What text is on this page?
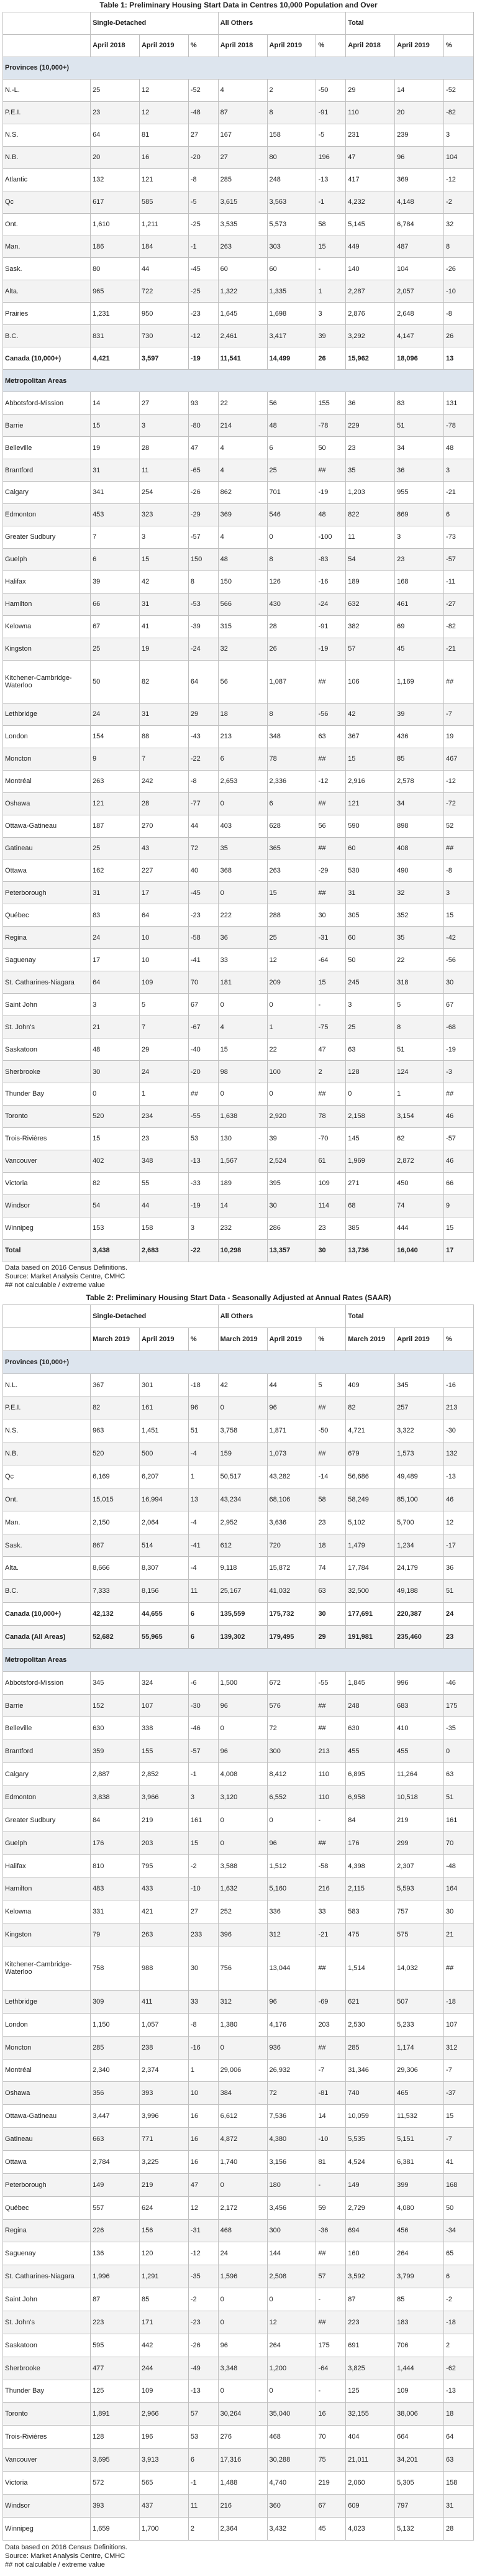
Table 1: Preliminary Housing Start Data in Centres 10,000 Population and Over
	Single-Detached			All Others			Total		
	April 2018	April 2019	%	April 2018	April 2019	%	April 2018	April 2019	%
Provinces (10,000+)									
N.-L.	25	12	-52	4	2	-50	29	14	-52
P.E.I.	23	12	-48	87	8	-91	110	20	-82
N.S.	64	81	27	167	158	-5	231	239	3
N.B.	20	16	-20	27	80	196	47	96	104
Atlantic	132	121	-8	285	248	-13	417	369	-12
Qc	617	585	-5	3,615	3,563	-1	4,232	4,148	-2
Ont.	1,610	1,211	-25	3,535	5,573	58	5,145	6,784	32
Man.	186	184	-1	263	303	15	449	487	8
Sask.	80	44	-45	60	60	-	140	104	-26
Alta.	965	722	-25	1,322	1,335	1	2,287	2,057	-10
Prairies	1,231	950	-23	1,645	1,698	3	2,876	2,648	-8
B.C.	831	730	-12	2,461	3,417	39	3,292	4,147	26
Canada (10,000+)	4,421	3,597	-19	11,541	14,499	26	15,962	18,096	13
Metropolitan Areas									
Abbotsford-Mission	14	27	93	22	56	155	36	83	131
Barrie	15	3	-80	214	48	-78	229	51	-78
Belleville	19	28	47	4	6	50	23	34	48
Brantford	31	11	-65	4	25	##	35	36	3
Calgary	341	254	-26	862	701	-19	1,203	955	-21
Edmonton	453	323	-29	369	546	48	822	869	6
Greater Sudbury	7	3	-57	4	0	-100	11	3	-73
Guelph	6	15	150	48	8	-83	54	23	-57
Halifax	39	42	8	150	126	-16	189	168	-11
Hamilton	66	31	-53	566	430	-24	632	461	-27
Kelowna	67	41	-39	315	28	-91	382	69	-82
Kingston	25	19	-24	32	26	-19	57	45	-21
Kitchener-Cambridge-Waterloo	50	82	64	56	1,087	##	106	1,169	##
Lethbridge	24	31	29	18	8	-56	42	39	-7
London	154	88	-43	213	348	63	367	436	19
Moncton	9	7	-22	6	78	##	15	85	467
Montréal	263	242	-8	2,653	2,336	-12	2,916	2,578	-12
Oshawa	121	28	-77	0	6	##	121	34	-72
Ottawa-Gatineau	187	270	44	403	628	56	590	898	52
Gatineau	25	43	72	35	365	##	60	408	##
Ottawa	162	227	40	368	263	-29	530	490	-8
Peterborough	31	17	-45	0	15	##	31	32	3
Québec	83	64	-23	222	288	30	305	352	15
Regina	24	10	-58	36	25	-31	60	35	-42
Saguenay	17	10	-41	33	12	-64	50	22	-56
St. Catharines-Niagara	64	109	70	181	209	15	245	318	30
Saint John	3	5	67	0	0	-	3	5	67
St. John's	21	7	-67	4	1	-75	25	8	-68
Saskatoon	48	29	-40	15	22	47	63	51	-19
Sherbrooke	30	24	-20	98	100	2	128	124	-3
Thunder Bay	0	1	##	0	0	##	0	1	##
Toronto	520	234	-55	1,638	2,920	78	2,158	3,154	46
Trois-Rivières	15	23	53	130	39	-70	145	62	-57
Vancouver	402	348	-13	1,567	2,524	61	1,969	2,872	46
Victoria	82	55	-33	189	395	109	271	450	66
Windsor	54	44	-19	14	30	114	68	74	9
Winnipeg	153	158	3	232	286	23	385	444	15
Total	3,438	2,683	-22	10,298	13,357	30	13,736	16,040	17
Data based on 2016 Census Definitions.
Source: Market Analysis Centre, CMHC
## not calculable / extreme value
Table 2: Preliminary Housing Start Data - Seasonally Adjusted at Annual Rates (SAAR)
	Single-Detached			All Others			Total		
	March 2019	April 2019	%	March 2019	April 2019	%	March 2019	April 2019	%
Provinces (10,000+)									
N.L.	367	301	-18	42	44	5	409	345	-16
P.E.I.	82	161	96	0	96	##	82	257	213
N.S.	963	1,451	51	3,758	1,871	-50	4,721	3,322	-30
N.B.	520	500	-4	159	1,073	##	679	1,573	132
Qc	6,169	6,207	1	50,517	43,282	-14	56,686	49,489	-13
Ont.	15,015	16,994	13	43,234	68,106	58	58,249	85,100	46
Man.	2,150	2,064	-4	2,952	3,636	23	5,102	5,700	12
Sask.	867	514	-41	612	720	18	1,479	1,234	-17
Alta.	8,666	8,307	-4	9,118	15,872	74	17,784	24,179	36
B.C.	7,333	8,156	11	25,167	41,032	63	32,500	49,188	51
Canada (10,000+)	42,132	44,655	6	135,559	175,732	30	177,691	220,387	24
Canada (All Areas)	52,682	55,965	6	139,302	179,495	29	191,981	235,460	23
Metropolitan Areas									
Abbotsford-Mission	345	324	-6	1,500	672	-55	1,845	996	-46
Barrie	152	107	-30	96	576	##	248	683	175
Belleville	630	338	-46	0	72	##	630	410	-35
Brantford	359	155	-57	96	300	213	455	455	0
Calgary	2,887	2,852	-1	4,008	8,412	110	6,895	11,264	63
Edmonton	3,838	3,966	3	3,120	6,552	110	6,958	10,518	51
Greater Sudbury	84	219	161	0	0	-	84	219	161
Guelph	176	203	15	0	96	##	176	299	70
Halifax	810	795	-2	3,588	1,512	-58	4,398	2,307	-48
Hamilton	483	433	-10	1,632	5,160	216	2,115	5,593	164
Kelowna	331	421	27	252	336	33	583	757	30
Kingston	79	263	233	396	312	-21	475	575	21
Kitchener-Cambridge-Waterloo	758	988	30	756	13,044	##	1,514	14,032	##
Lethbridge	309	411	33	312	96	-69	621	507	-18
London	1,150	1,057	-8	1,380	4,176	203	2,530	5,233	107
Moncton	285	238	-16	0	936	##	285	1,174	312
Montréal	2,340	2,374	1	29,006	26,932	-7	31,346	29,306	-7
Oshawa	356	393	10	384	72	-81	740	465	-37
Ottawa-Gatineau	3,447	3,996	16	6,612	7,536	14	10,059	11,532	15
Gatineau	663	771	16	4,872	4,380	-10	5,535	5,151	-7
Ottawa	2,784	3,225	16	1,740	3,156	81	4,524	6,381	41
Peterborough	149	219	47	0	180	-	149	399	168
Québec	557	624	12	2,172	3,456	59	2,729	4,080	50
Regina	226	156	-31	468	300	-36	694	456	-34
Saguenay	136	120	-12	24	144	##	160	264	65
St. Catharines-Niagara	1,996	1,291	-35	1,596	2,508	57	3,592	3,799	6
Saint John	87	85	-2	0	0	-	87	85	-2
St. John's	223	171	-23	0	12	##	223	183	-18
Saskatoon	595	442	-26	96	264	175	691	706	2
Sherbrooke	477	244	-49	3,348	1,200	-64	3,825	1,444	-62
Thunder Bay	125	109	-13	0	0	-	125	109	-13
Toronto	1,891	2,966	57	30,264	35,040	16	32,155	38,006	18
Trois-Rivières	128	196	53	276	468	70	404	664	64
Vancouver	3,695	3,913	6	17,316	30,288	75	21,011	34,201	63
Victoria	572	565	-1	1,488	4,740	219	2,060	5,305	158
Windsor	393	437	11	216	360	67	609	797	31
Winnipeg	1,659	1,700	2	2,364	3,432	45	4,023	5,132	28
Data based on 2016 Census Definitions.
Source: Market Analysis Centre, CMHC
## not calculable / extreme value
